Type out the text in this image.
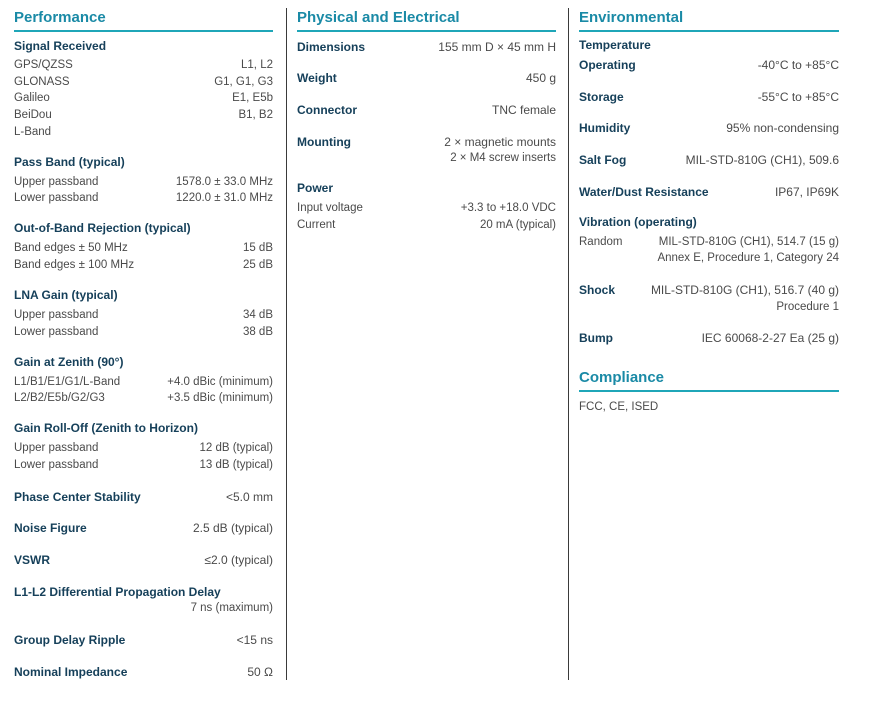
Performance
Signal Received
GPS/QZSS	L1, L2
GLONASS	G1, G1, G3
Galileo	E1, E5b
BeiDou	B1, B2
L-Band
Pass Band (typical)
Upper passband	1578.0 ± 33.0 MHz
Lower passband	1220.0 ± 31.0 MHz
Out-of-Band Rejection (typical)
Band edges ± 50 MHz	15 dB
Band edges ± 100 MHz	25 dB
LNA Gain (typical)
Upper passband	34 dB
Lower passband	38 dB
Gain at Zenith (90°)
L1/B1/E1/G1/L-Band	+4.0 dBic (minimum)
L2/B2/E5b/G2/G3	+3.5 dBic (minimum)
Gain Roll-Off (Zenith to Horizon)
Upper passband	12 dB (typical)
Lower passband	13 dB (typical)
Phase Center Stability	<5.0 mm
Noise Figure	2.5 dB (typical)
VSWR	≤2.0 (typical)
L1-L2 Differential Propagation Delay
7 ns (maximum)
Group Delay Ripple	<15 ns
Nominal Impedance	50 Ω
Physical and Electrical
Dimensions	155 mm D × 45 mm H
Weight	450 g
Connector	TNC female
Mounting	2 × magnetic mounts
2 × M4 screw inserts
Power
Input voltage	+3.3 to +18.0 VDC
Current	20 mA (typical)
Environmental
Temperature
Operating	-40°C to +85°C
Storage	-55°C to +85°C
Humidity	95% non-condensing
Salt Fog	MIL-STD-810G (CH1), 509.6
Water/Dust Resistance	IP67, IP69K
Vibration (operating)
Random	MIL-STD-810G (CH1), 514.7 (15 g)
Annex E, Procedure 1, Category 24
Shock	MIL-STD-810G (CH1), 516.7 (40 g)
Procedure 1
Bump	IEC 60068-2-27 Ea (25 g)
Compliance
FCC, CE, ISED
